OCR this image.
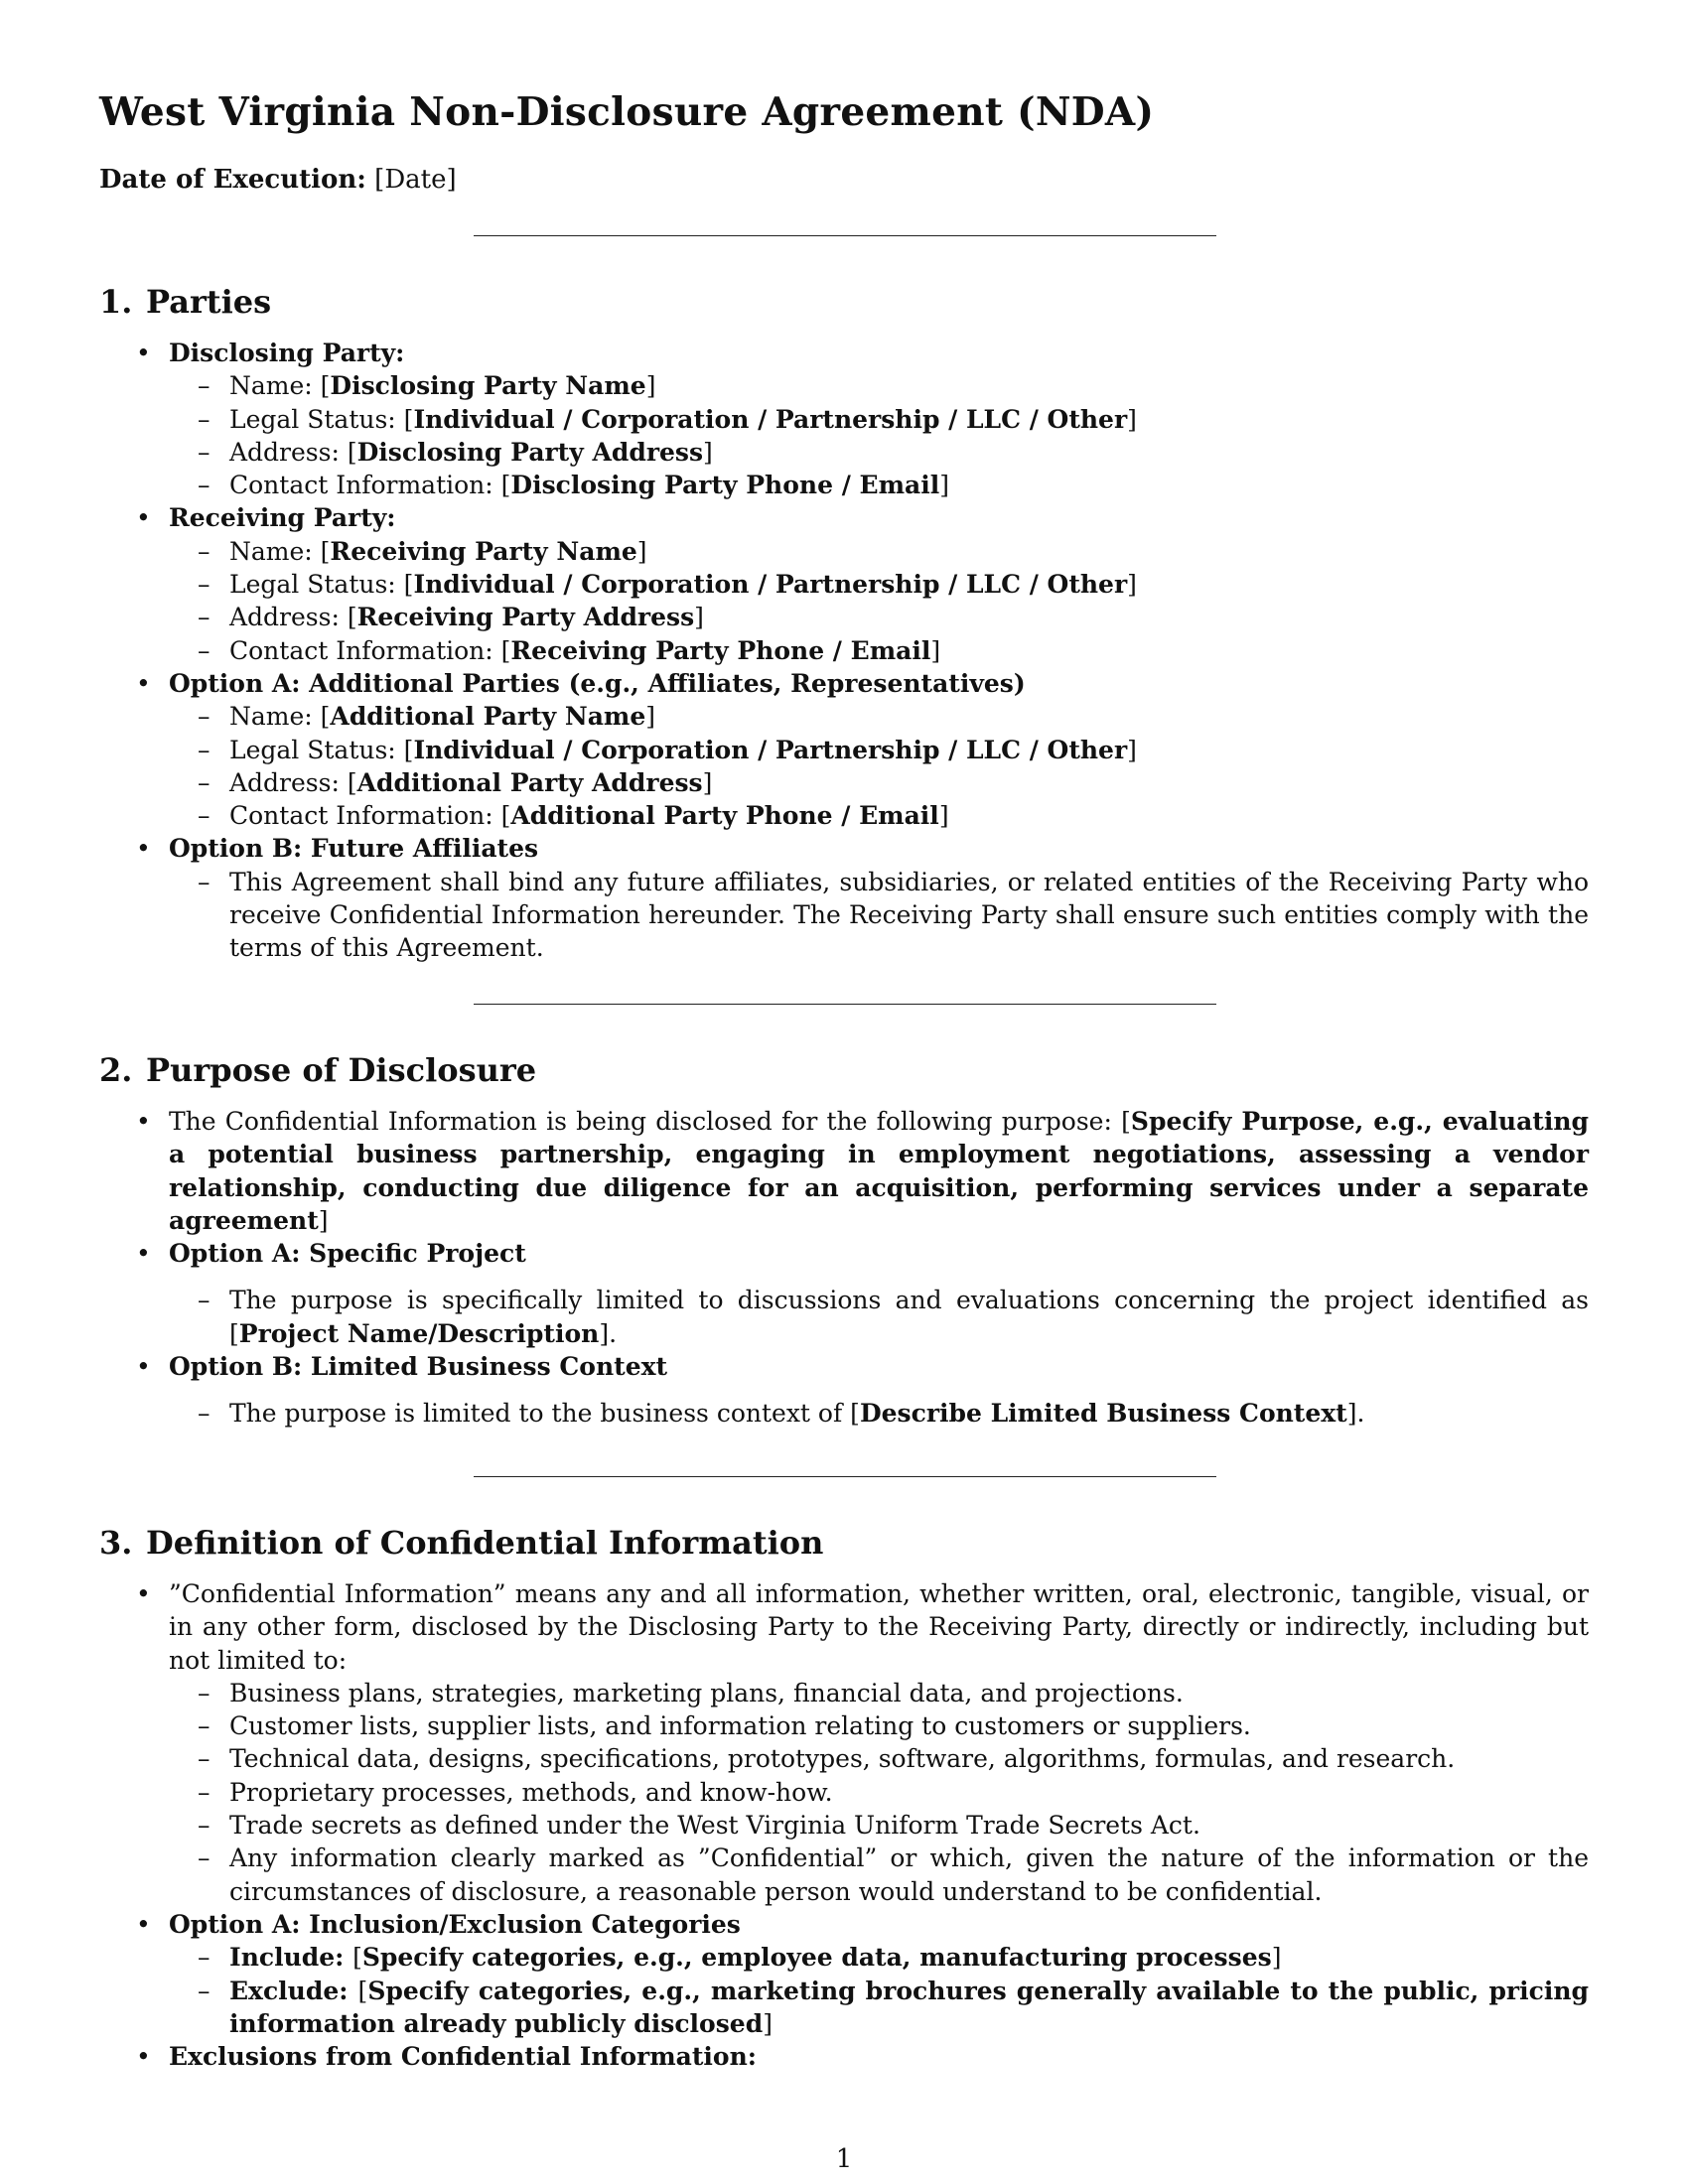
West Virginia Non-Disclosure Agreement (NDA)

Date of Execution: [Date]

1. Parties
• Disclosing Party:
– Name: [Disclosing Party Name]
– Legal Status: [Individual / Corporation / Partnership / LLC / Other]
– Address: [Disclosing Party Address]
– Contact Information: [Disclosing Party Phone / Email]
• Receiving Party:
– Name: [Receiving Party Name]
– Legal Status: [Individual / Corporation / Partnership / LLC / Other]
– Address: [Receiving Party Address]
– Contact Information: [Receiving Party Phone / Email]
• Option A: Additional Parties (e.g., Affiliates, Representatives)
– Name: [Additional Party Name]
– Legal Status: [Individual / Corporation / Partnership / LLC / Other]
– Address: [Additional Party Address]
– Contact Information: [Additional Party Phone / Email]
• Option B: Future Affiliates
– This Agreement shall bind any future affiliates, subsidiaries, or related entities of the Receiving Party who receive Confidential Information hereunder. The Receiving Party shall ensure such entities comply with the terms of this Agreement.
2. Purpose of Disclosure
• The Confidential Information is being disclosed for the following purpose: [Specify Purpose, e.g., evaluating a potential business partnership, engaging in employment negotiations, assessing a vendor relationship, conducting due diligence for an acquisition, performing services under a separate agreement]
• Option A: Specific Project
– The purpose is specifically limited to discussions and evaluations concerning the project identified as [Project Name/Description].
• Option B: Limited Business Context
– The purpose is limited to the business context of [Describe Limited Business Context].
3. Definition of Confidential Information
• ”Confidential Information” means any and all information, whether written, oral, electronic, tangible, visual, or in any other form, disclosed by the Disclosing Party to the Receiving Party, directly or indirectly, including but not limited to:
– Business plans, strategies, marketing plans, financial data, and projections.
– Customer lists, supplier lists, and information relating to customers or suppliers.
– Technical data, designs, specifications, prototypes, software, algorithms, formulas, and research.
– Proprietary processes, methods, and know-how.
– Trade secrets as defined under the West Virginia Uniform Trade Secrets Act.
– Any information clearly marked as ”Confidential” or which, given the nature of the information or the circumstances of disclosure, a reasonable person would understand to be confidential.
• Option A: Inclusion/Exclusion Categories
– Include: [Specify categories, e.g., employee data, manufacturing processes]
– Exclude: [Specify categories, e.g., marketing brochures generally available to the public, pricing information already publicly disclosed]
• Exclusions from Confidential Information:
1
